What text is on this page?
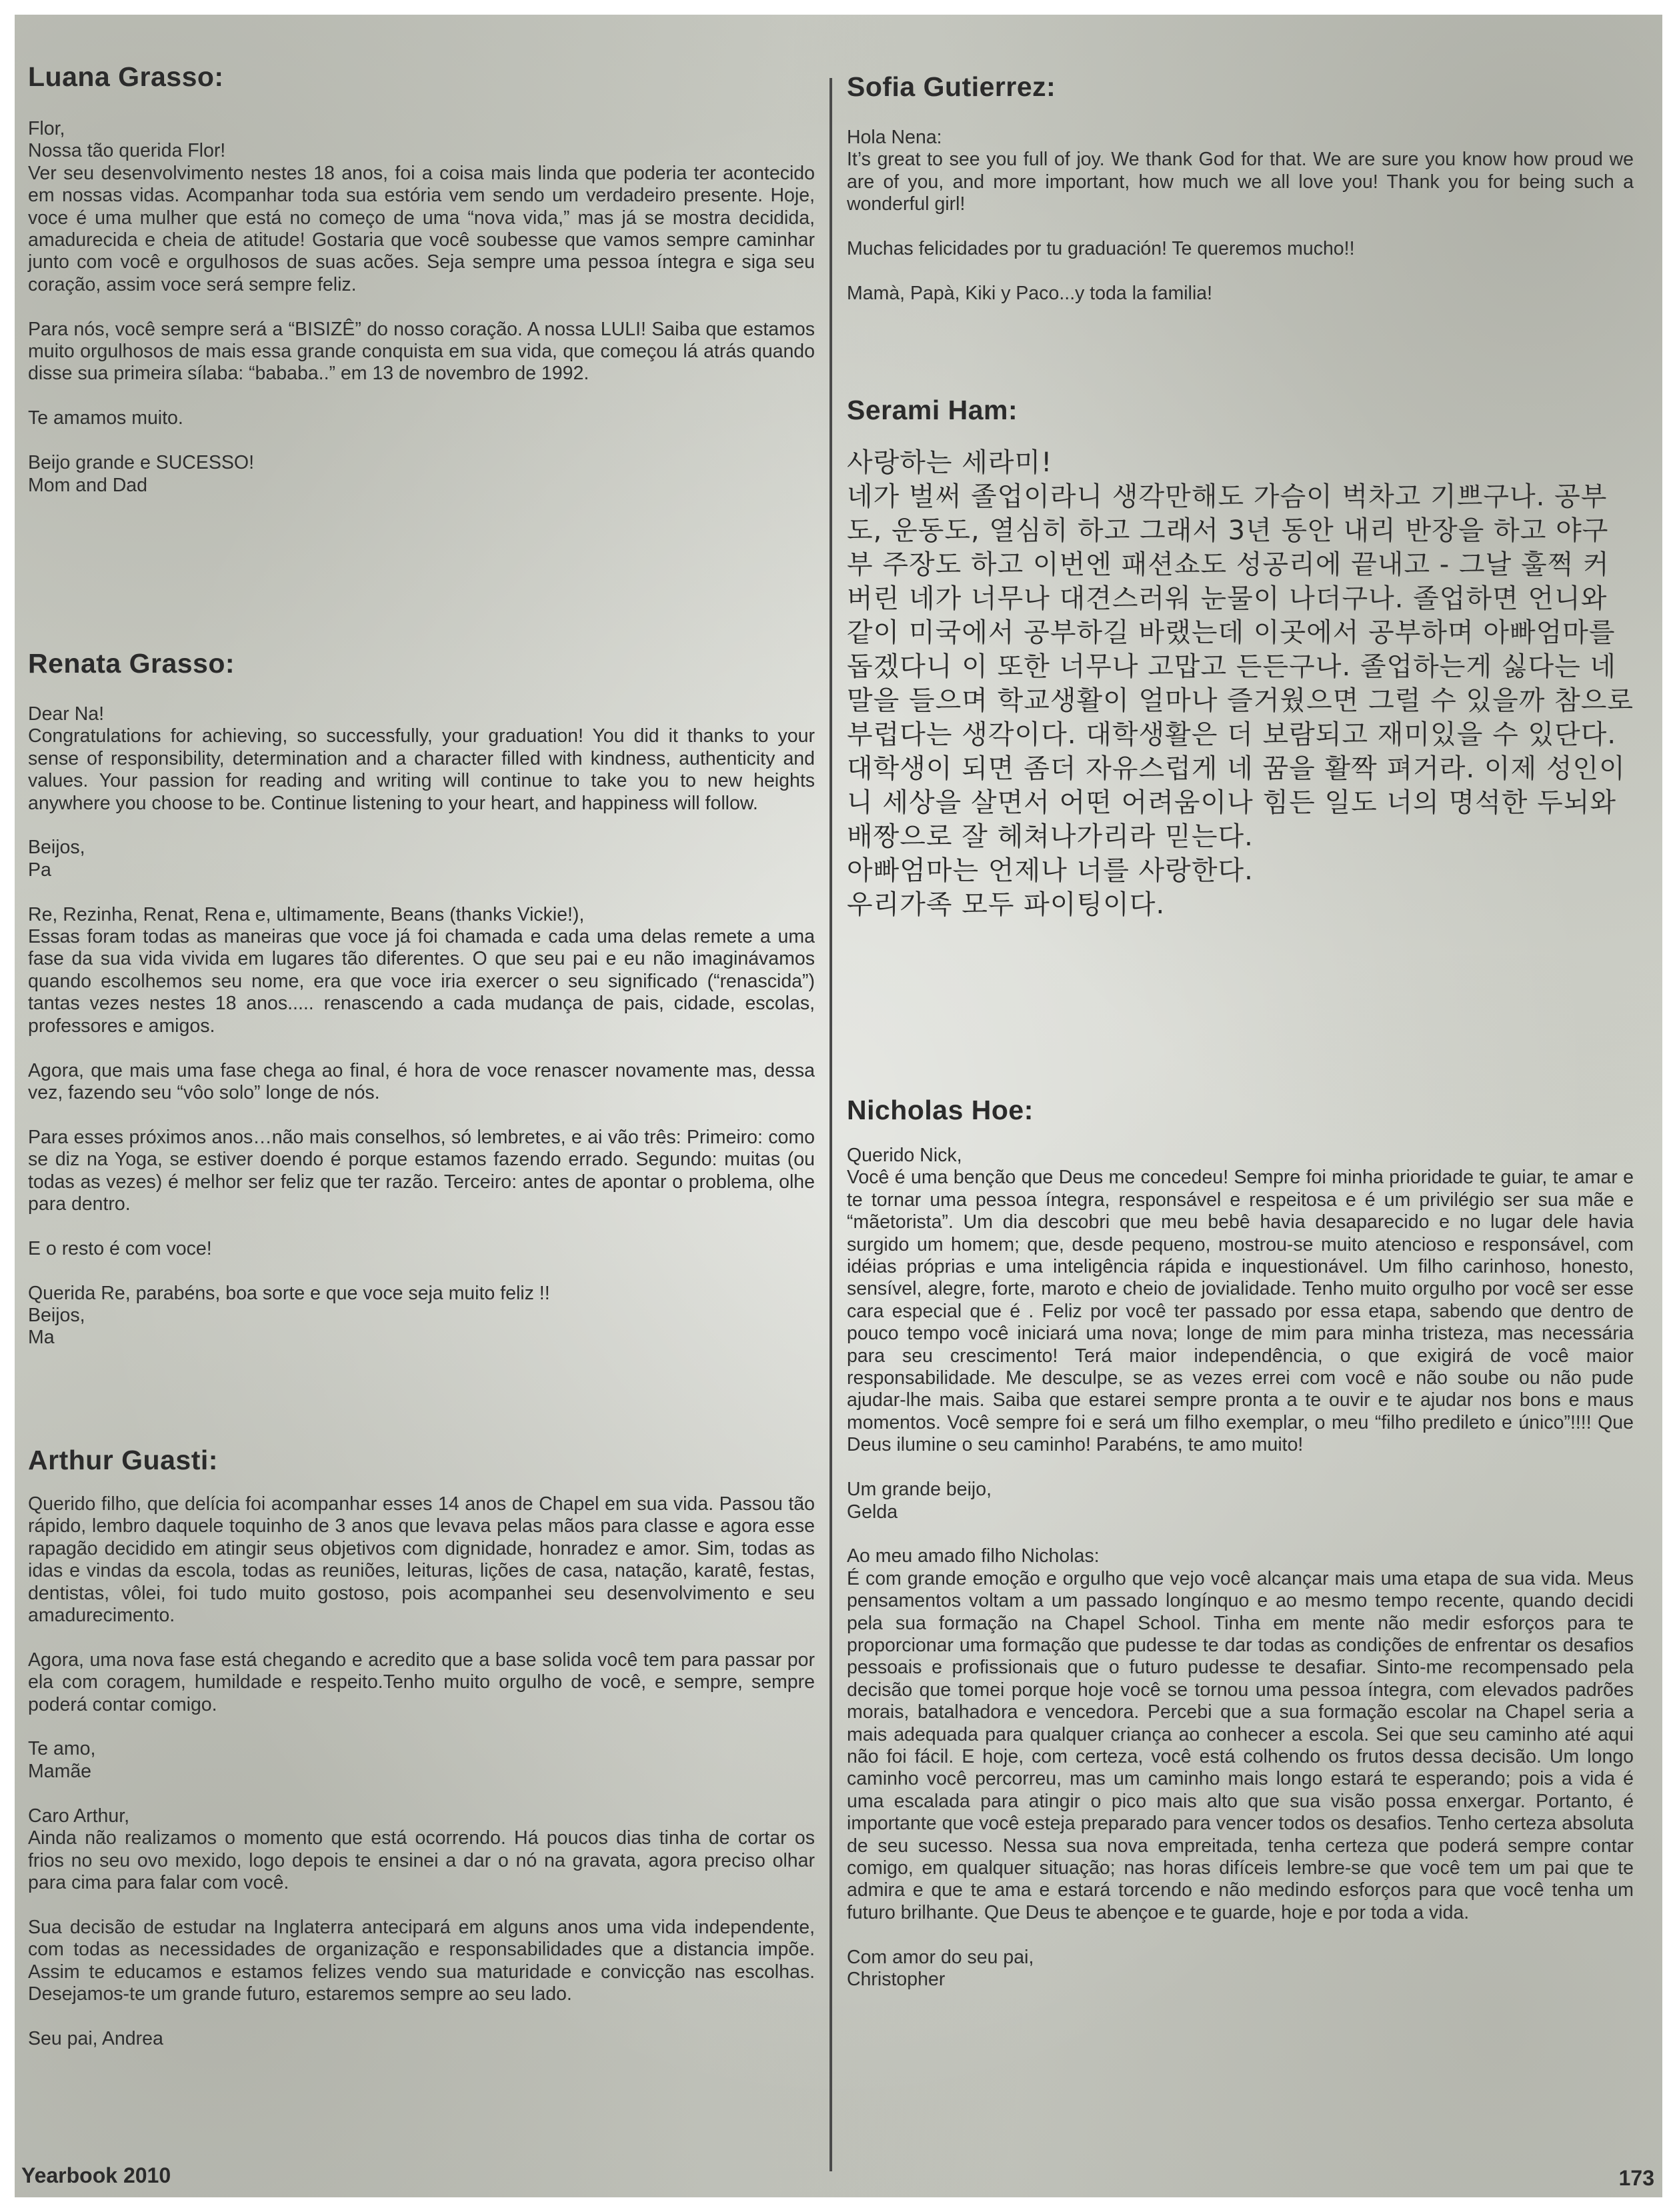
Luana Grasso:

Flor,
Nossa tão querida Flor!
Ver seu desenvolvimento nestes 18 anos, foi a coisa mais linda que poderia ter acontecido em nossas vidas. Acompanhar toda sua estória vem sendo um verdadeiro presente. Hoje, voce é uma mulher que está no começo de uma “nova vida,” mas já se mostra decidida, amadurecida e cheia de atitude! Gostaria que você soubesse que vamos sempre caminhar junto com você e orgulhosos de suas acões. Seja sempre uma pessoa íntegra e siga seu coração, assim voce será sempre feliz.

Para nós, você sempre será a “BISIZÊ” do nosso coração. A nossa LULI! Saiba que estamos muito orgulhosos de mais essa grande conquista em sua vida, que começou lá atrás quando disse sua primeira sílaba: “bababa..” em 13 de novembro de 1992.

Te amamos muito.

Beijo grande e SUCESSO!
Mom and Dad

Renata Grasso:

Dear Na!
Congratulations for achieving, so successfully, your graduation! You did it thanks to your sense of responsibility, determination and a character filled with kindness, authenticity and values. Your passion for reading and writing will continue to take you to new heights anywhere you choose to be. Continue listening to your heart, and happiness will follow.

Beijos,
Pa

Re, Rezinha, Renat, Rena e, ultimamente, Beans (thanks Vickie!),
Essas foram todas as maneiras que voce já foi chamada e cada uma delas remete a uma fase da sua vida vivida em lugares tão diferentes. O que seu pai e eu não imaginávamos quando escolhemos seu nome, era que voce iria exercer o seu significado (“renascida”) tantas vezes nestes 18 anos..... renascendo a cada mudança de pais, cidade, escolas, professores e amigos.

Agora, que mais uma fase chega ao final, é hora de voce renascer novamente mas, dessa vez, fazendo seu “vôo solo” longe de nós.

Para esses próximos anos…não mais conselhos, só lembretes, e ai vão três: Primeiro: como se diz na Yoga, se estiver doendo é porque estamos fazendo errado. Segundo: muitas (ou todas as vezes) é melhor ser feliz que ter razão. Terceiro: antes de apontar o problema, olhe para dentro.

E o resto é com voce!

Querida Re, parabéns, boa sorte e que voce seja muito feliz !!
Beijos,
Ma

Arthur Guasti:

Querido filho, que delícia foi acompanhar esses 14 anos de Chapel em sua vida. Passou tão rápido, lembro daquele toquinho de 3 anos que levava pelas mãos para classe e agora esse rapagão decidido em atingir seus objetivos com dignidade, honradez e amor. Sim, todas as idas e vindas da escola, todas as reuniões, leituras, lições de casa, natação, karatê, festas, dentistas, vôlei, foi tudo muito gostoso, pois acompanhei seu desenvolvimento e seu amadurecimento.

Agora, uma nova fase está chegando e acredito que a base solida você tem para passar por ela com coragem, humildade e respeito.Tenho muito orgulho de você, e sempre, sempre poderá contar comigo.

Te amo,
Mamãe

Caro Arthur,
Ainda não realizamos o momento que está ocorrendo. Há poucos dias tinha de cortar os frios no seu ovo mexido, logo depois te ensinei a dar o nó na gravata, agora preciso olhar para cima para falar com você.

Sua decisão de estudar na Inglaterra antecipará em alguns anos uma vida independente, com todas as necessidades de organização e responsabilidades que a distancia impõe. Assim te educamos e estamos felizes vendo sua maturidade e convicção nas escolhas. Desejamos-te um grande futuro, estaremos sempre ao seu lado.

Seu pai, Andrea

Sofia Gutierrez:

Hola Nena:
It’s great to see you full of joy. We thank God for that. We are sure you know how proud we are of you, and more important, how much we all love you! Thank you for being such a wonderful girl!

Muchas felicidades por tu graduación! Te queremos mucho!!

Mamà, Papà, Kiki y Paco...y toda la familia!

Serami Ham:

사랑하는 세라미!
네가 벌써 졸업이라니 생각만해도 가슴이 벅차고 기쁘구나. 공부도, 운동도, 열심히 하고 그래서 3년 동안 내리 반장을 하고 야구부 주장도 하고 이번엔 패션쇼도 성공리에 끝내고 - 그날 훌쩍 커버린 네가 너무나 대견스러워 눈물이 나더구나. 졸업하면 언니와 같이 미국에서 공부하길 바랬는데 이곳에서 공부하며 아빠엄마를 돕겠다니 이 또한 너무나 고맙고 든든구나. 졸업하는게 싫다는 네말을 들으며 학교생활이 얼마나 즐거웠으면 그럴 수 있을까 참으로 부럽다는 생각이다. 대학생활은 더 보람되고 재미있을 수 있단다. 대학생이 되면 좀더 자유스럽게 네 꿈을 활짝 펴거라. 이제 성인이니 세상을 살면서 어떤 어려움이나 힘든 일도 너의 명석한 두뇌와 배짱으로 잘 헤쳐나가리라 믿는다.
아빠엄마는 언제나 너를 사랑한다.
우리가족 모두 파이팅이다.

Nicholas Hoe:

Querido Nick,
Você é uma benção que Deus me concedeu! Sempre foi minha prioridade te guiar, te amar e te tornar uma pessoa íntegra, responsável e respeitosa e é um privilégio ser sua mãe e “mãetorista”. Um dia descobri que meu bebê havia desaparecido e no lugar dele havia surgido um homem; que, desde pequeno, mostrou-se muito atencioso e responsável, com idéias próprias e uma inteligência rápida e inquestionável. Um filho carinhoso, honesto, sensível, alegre, forte, maroto e cheio de jovialidade. Tenho muito orgulho por você ser esse cara especial que é . Feliz por você ter passado por essa etapa, sabendo que dentro de pouco tempo você iniciará uma nova; longe de mim para minha tristeza, mas necessária para seu crescimento! Terá maior independência, o que exigirá de você maior responsabilidade. Me desculpe, se as vezes errei com você e não soube ou não pude ajudar-lhe mais. Saiba que estarei sempre pronta a te ouvir e te ajudar nos bons e maus momentos. Você sempre foi e será um filho exemplar, o meu “filho predileto e único”!!!! Que Deus ilumine o seu caminho! Parabéns, te amo muito!

Um grande beijo,
Gelda

Ao meu amado filho Nicholas:
É com grande emoção e orgulho que vejo você alcançar mais uma etapa de sua vida. Meus pensamentos voltam a um passado longínquo e ao mesmo tempo recente, quando decidi pela sua formação na Chapel School. Tinha em mente não medir esforços para te proporcionar uma formação que pudesse te dar todas as condições de enfrentar os desafios pessoais e profissionais que o futuro pudesse te desafiar. Sinto-me recompensado pela decisão que tomei porque hoje você se tornou uma pessoa íntegra, com elevados padrões morais, batalhadora e vencedora. Percebi que a sua formação escolar na Chapel seria a mais adequada para qualquer criança ao conhecer a escola. Sei que seu caminho até aqui não foi fácil. E hoje, com certeza, você está colhendo os frutos dessa decisão. Um longo caminho você percorreu, mas um caminho mais longo estará te esperando; pois a vida é uma escalada para atingir o pico mais alto que sua visão possa enxergar. Portanto, é importante que você esteja preparado para vencer todos os desafios. Tenho certeza absoluta de seu sucesso. Nessa sua nova empreitada, tenha certeza que poderá sempre contar comigo, em qualquer situação; nas horas difíceis lembre-se que você tem um pai que te admira e que te ama e estará torcendo e não medindo esforços para que você tenha um futuro brilhante. Que Deus te abençoe e te guarde, hoje e por toda a vida.

Com amor do seu pai,
Christopher

Yearbook 2010	173
